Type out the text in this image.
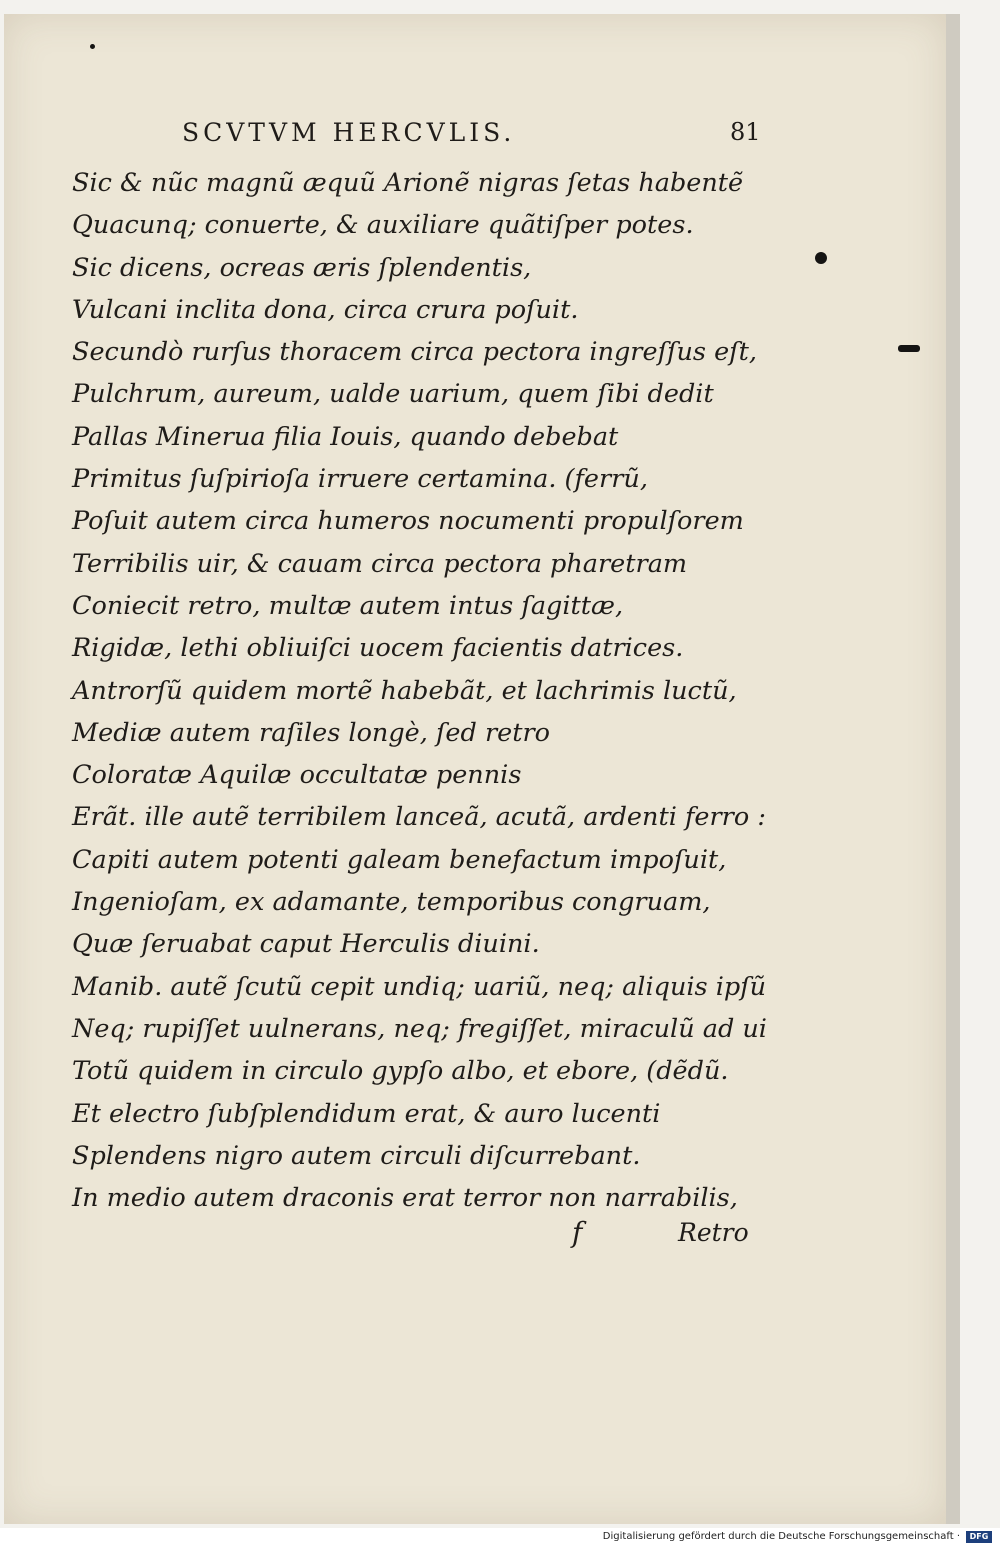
SCVTVM HERCVLIS.	81
Sic & nũc magnũ æquũ Arionẽ nigras ſetas habentẽ
Quacunq; conuerte, & auxiliare quãtiſper potes.
Sic dicens, ocreas æris ſplendentis,
Vulcani inclita dona, circa crura poſuit.
Secundò rurſus thoracem circa pectora ingreſſus eſt,
Pulchrum, aureum, ualde uarium, quem ſibi dedit
Pallas Minerua filia Iouis, quando debebat
Primitus ſuſpirioſa irruere certamina. (ferrũ,
Poſuit autem circa humeros nocumenti propulſorem
Terribilis uir, & cauam circa pectora pharetram
Coniecit retro, multæ autem intus ſagittæ,
Rigidæ, lethi obliuiſci uocem facientis datrices.
Antrorſũ quidem mortẽ habebãt, et lachrimis luctũ,
Mediæ autem raſiles longè, ſed retro
Coloratæ Aquilæ occultatæ pennis
Erãt. ille autẽ terribilem lanceã, acutã, ardenti ferro :
Capiti autem potenti galeam benefactum impoſuit,
Ingenioſam, ex adamante, temporibus congruam,
Quæ ſeruabat caput Herculis diuini.
Manib. autẽ ſcutũ cepit undiq; uariũ, neq; aliquis ipſũ
Neq; rupiſſet uulnerans, neq; fregiſſet, miraculũ ad ui
Totũ quidem in circulo gypſo albo, et ebore, (dẽdũ.
Et electro ſubſplendidum erat, & auro lucenti
Splendens nigro autem circuli diſcurrebant.
In medio autem draconis erat terror non narrabilis,
f	Retro
Digitalisierung gefördert durch die Deutsche Forschungsgemeinschaft ·	DFG
